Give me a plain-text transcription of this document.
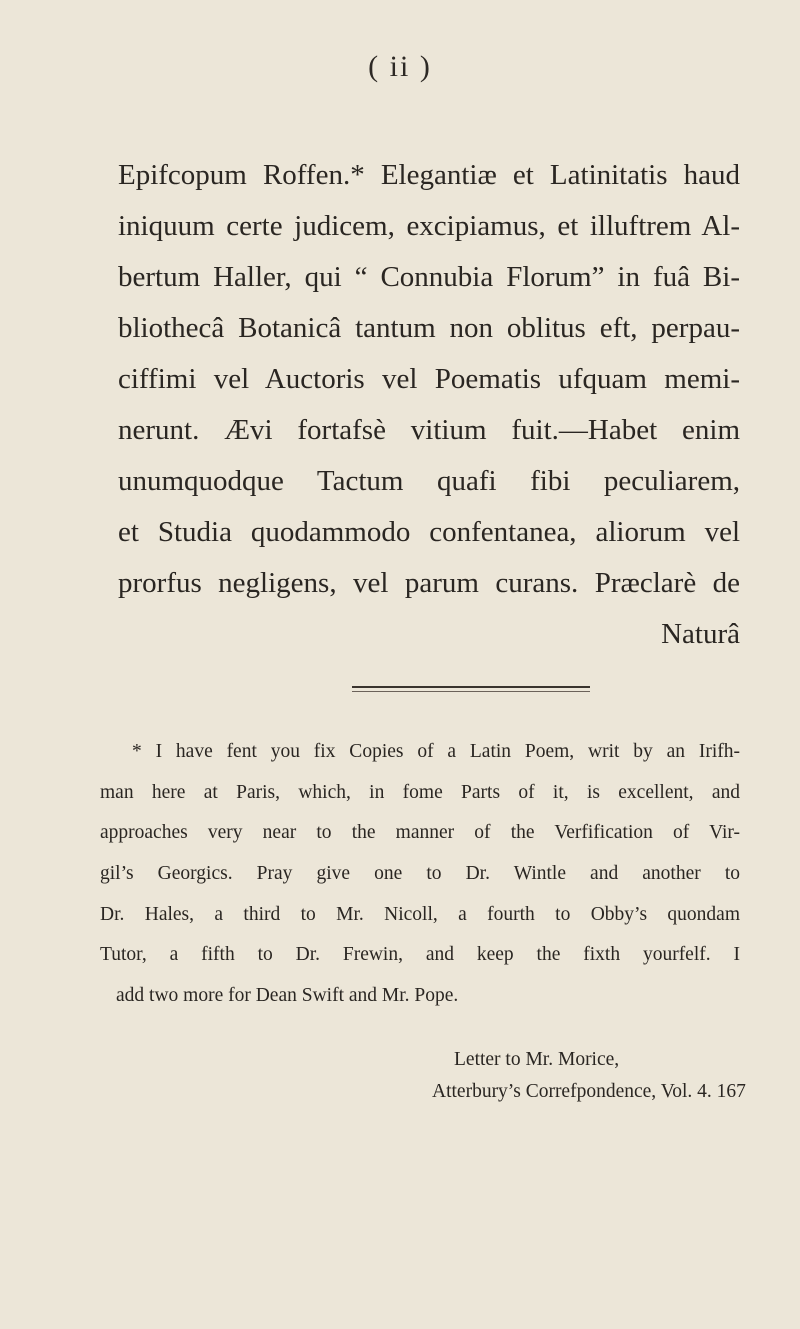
( ii )
Epifcopum Roffen.* Elegantiæ et Latinitatis haud
iniquum certe judicem, excipiamus, et illuftrem Al-
bertum Haller, qui “ Connubia Florum” in fuâ Bi-
bliothecâ Botanicâ tantum non oblitus eft, perpau-
ciffimi vel Auctoris vel Poematis ufquam memi-
nerunt. Ævi fortafsè vitium fuit.—Habet enim
unumquodque Tactum quafi fibi peculiarem,
et Studia quodammodo confentanea, aliorum vel
prorfus negligens, vel parum curans. Præclarè de
Naturâ
* I have fent you fix Copies of a Latin Poem, writ by an Irifh-
man here at Paris, which, in fome Parts of it, is excellent, and
approaches very near to the manner of the Verfification of Vir-
gil’s Georgics. Pray give one to Dr. Wintle and another to
Dr. Hales, a third to Mr. Nicoll, a fourth to Obby’s quondam
Tutor, a fifth to Dr. Frewin, and keep the fixth yourfelf. I
add two more for Dean Swift and Mr. Pope.
Letter to Mr. Morice,
Atterbury’s Correfpondence, Vol. 4. 167
